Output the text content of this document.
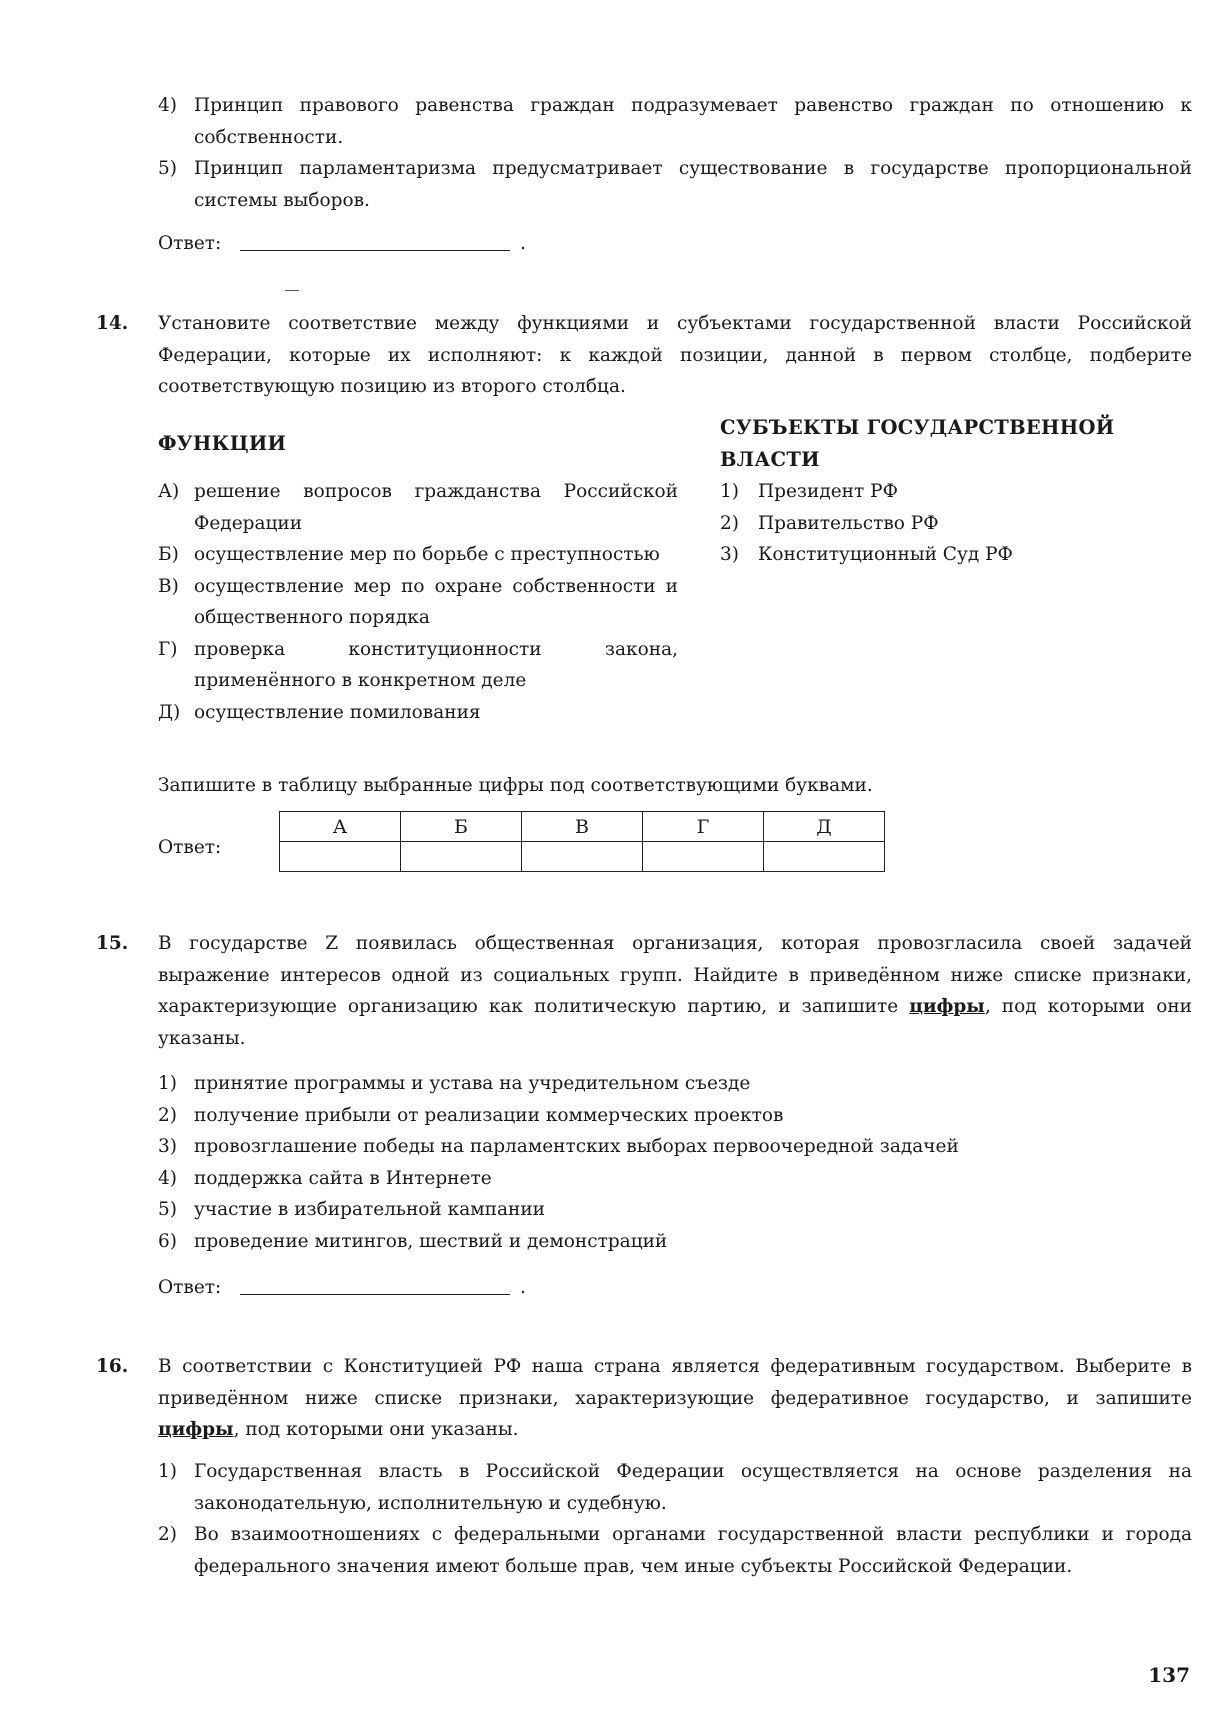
4) Принцип правового равенства граждан подразумевает равенство граждан по отношению к собственности.
5) Принцип парламентаризма предусматривает существование в государстве пропорциональной системы выборов.
Ответ:	.
14. Установите соответствие между функциями и субъектами государственной власти Российской Федерации, которые их исполняют: к каждой позиции, данной в первом столбце, подберите соответствующую позицию из второго столбца.
ФУНКЦИИ
СУБЪЕКТЫ ГОСУДАРСТВЕННОЙ
ВЛАСТИ
А) решение вопросов гражданства Российской Федерации
Б) осуществление мер по борьбе с преступностью
В) осуществление мер по охране собственности и общественного порядка
Г) проверка конституционности закона, применённого в конкретном деле
Д) осуществление помилования
1) Президент РФ
2) Правительство РФ
3) Конституционный Суд РФ
Запишите в таблицу выбранные цифры под соответствующими буквами.
Ответ:
А	Б	В	Г	Д

15. В государстве Z появилась общественная организация, которая провозгласила своей задачей выражение интересов одной из социальных групп. Найдите в приведённом ниже списке признаки, характеризующие организацию как политическую партию, и запишите цифры, под которыми они указаны.
1) принятие программы и устава на учредительном съезде
2) получение прибыли от реализации коммерческих проектов
3) провозглашение победы на парламентских выборах первоочередной задачей
4) поддержка сайта в Интернете
5) участие в избирательной кампании
6) проведение митингов, шествий и демонстраций
Ответ:	.
16. В соответствии с Конституцией РФ наша страна является федеративным государством. Выберите в приведённом ниже списке признаки, характеризующие федеративное государство, и запишите цифры, под которыми они указаны.
1) Государственная власть в Российской Федерации осуществляется на основе разделения на законодательную, исполнительную и судебную.
2) Во взаимоотношениях с федеральными органами государственной власти республики и города федерального значения имеют больше прав, чем иные субъекты Российской Федерации.
137
